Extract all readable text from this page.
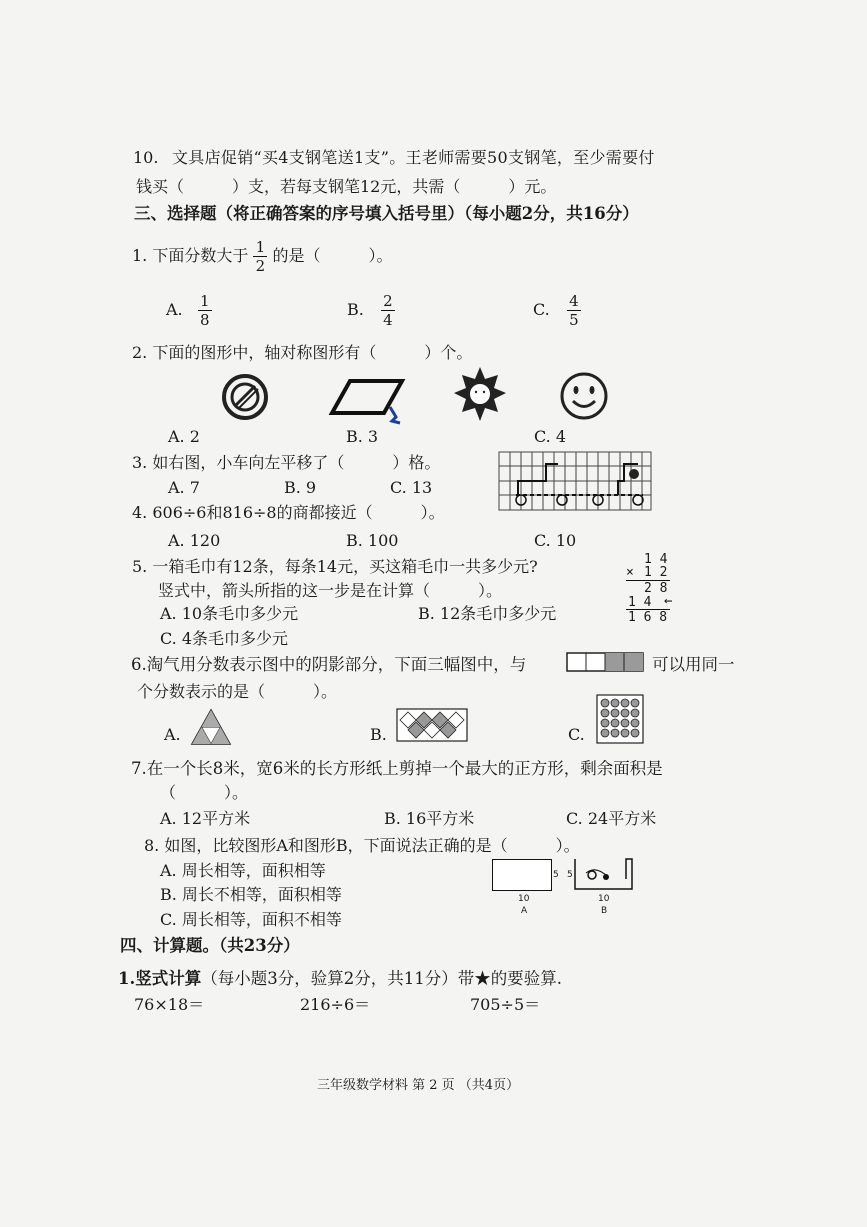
10. 文具店促销“买4支钢笔送1支”。王老师需要50支钢笔，至少需要付
钱买（　　　）支，若每支钢笔12元，共需（　　　）元。
三、选择题（将正确答案的序号填入括号里）（每小题2分，共16分）
1. 下面分数大于 $\frac{1}{2}$ 的是（　　　）。
A. $\frac{1}{8}$	B. $\frac{2}{4}$	C. $\frac{4}{5}$
2. 下面的图形中，轴对称图形有（　　　）个。
A. 2	B. 3	C. 4
3. 如右图，小车向左平移了（　　　）格。
A. 7	B. 9	C. 13
4. 606÷6和816÷8的商都接近（　　　）。
A. 120	B. 100	C. 10
5. 一箱毛巾有12条，每条14元，买这箱毛巾一共多少元?
竖式中，箭头所指的这一步是在计算（　　　）。
A. 10条毛巾多少元	B. 12条毛巾多少元
C. 4条毛巾多少元
1 4
× 1 2
2 8
1 4 ←
1 6 8
6.淘气用分数表示图中的阴影部分，下面三幅图中，与	可以用同一
个分数表示的是（　　　）。
A.	B.	C.
7.在一个长8米，宽6米的长方形纸上剪掉一个最大的正方形，剩余面积是
（　　　）。
A. 12平方米	B. 16平方米	C. 24平方米
8. 如图，比较图形A和图形B，下面说法正确的是（　　　）。
A. 周长相等，面积相等
B. 周长不相等，面积相等
C. 周长相等，面积不相等
5
10
A
5
10
B
四、计算题。（共23分）
1.竖式计算（每小题3分，验算2分，共11分）带★的要验算.
76×18＝	216÷6＝	705÷5＝
三年级数学材料 第 2 页 （共4页）
